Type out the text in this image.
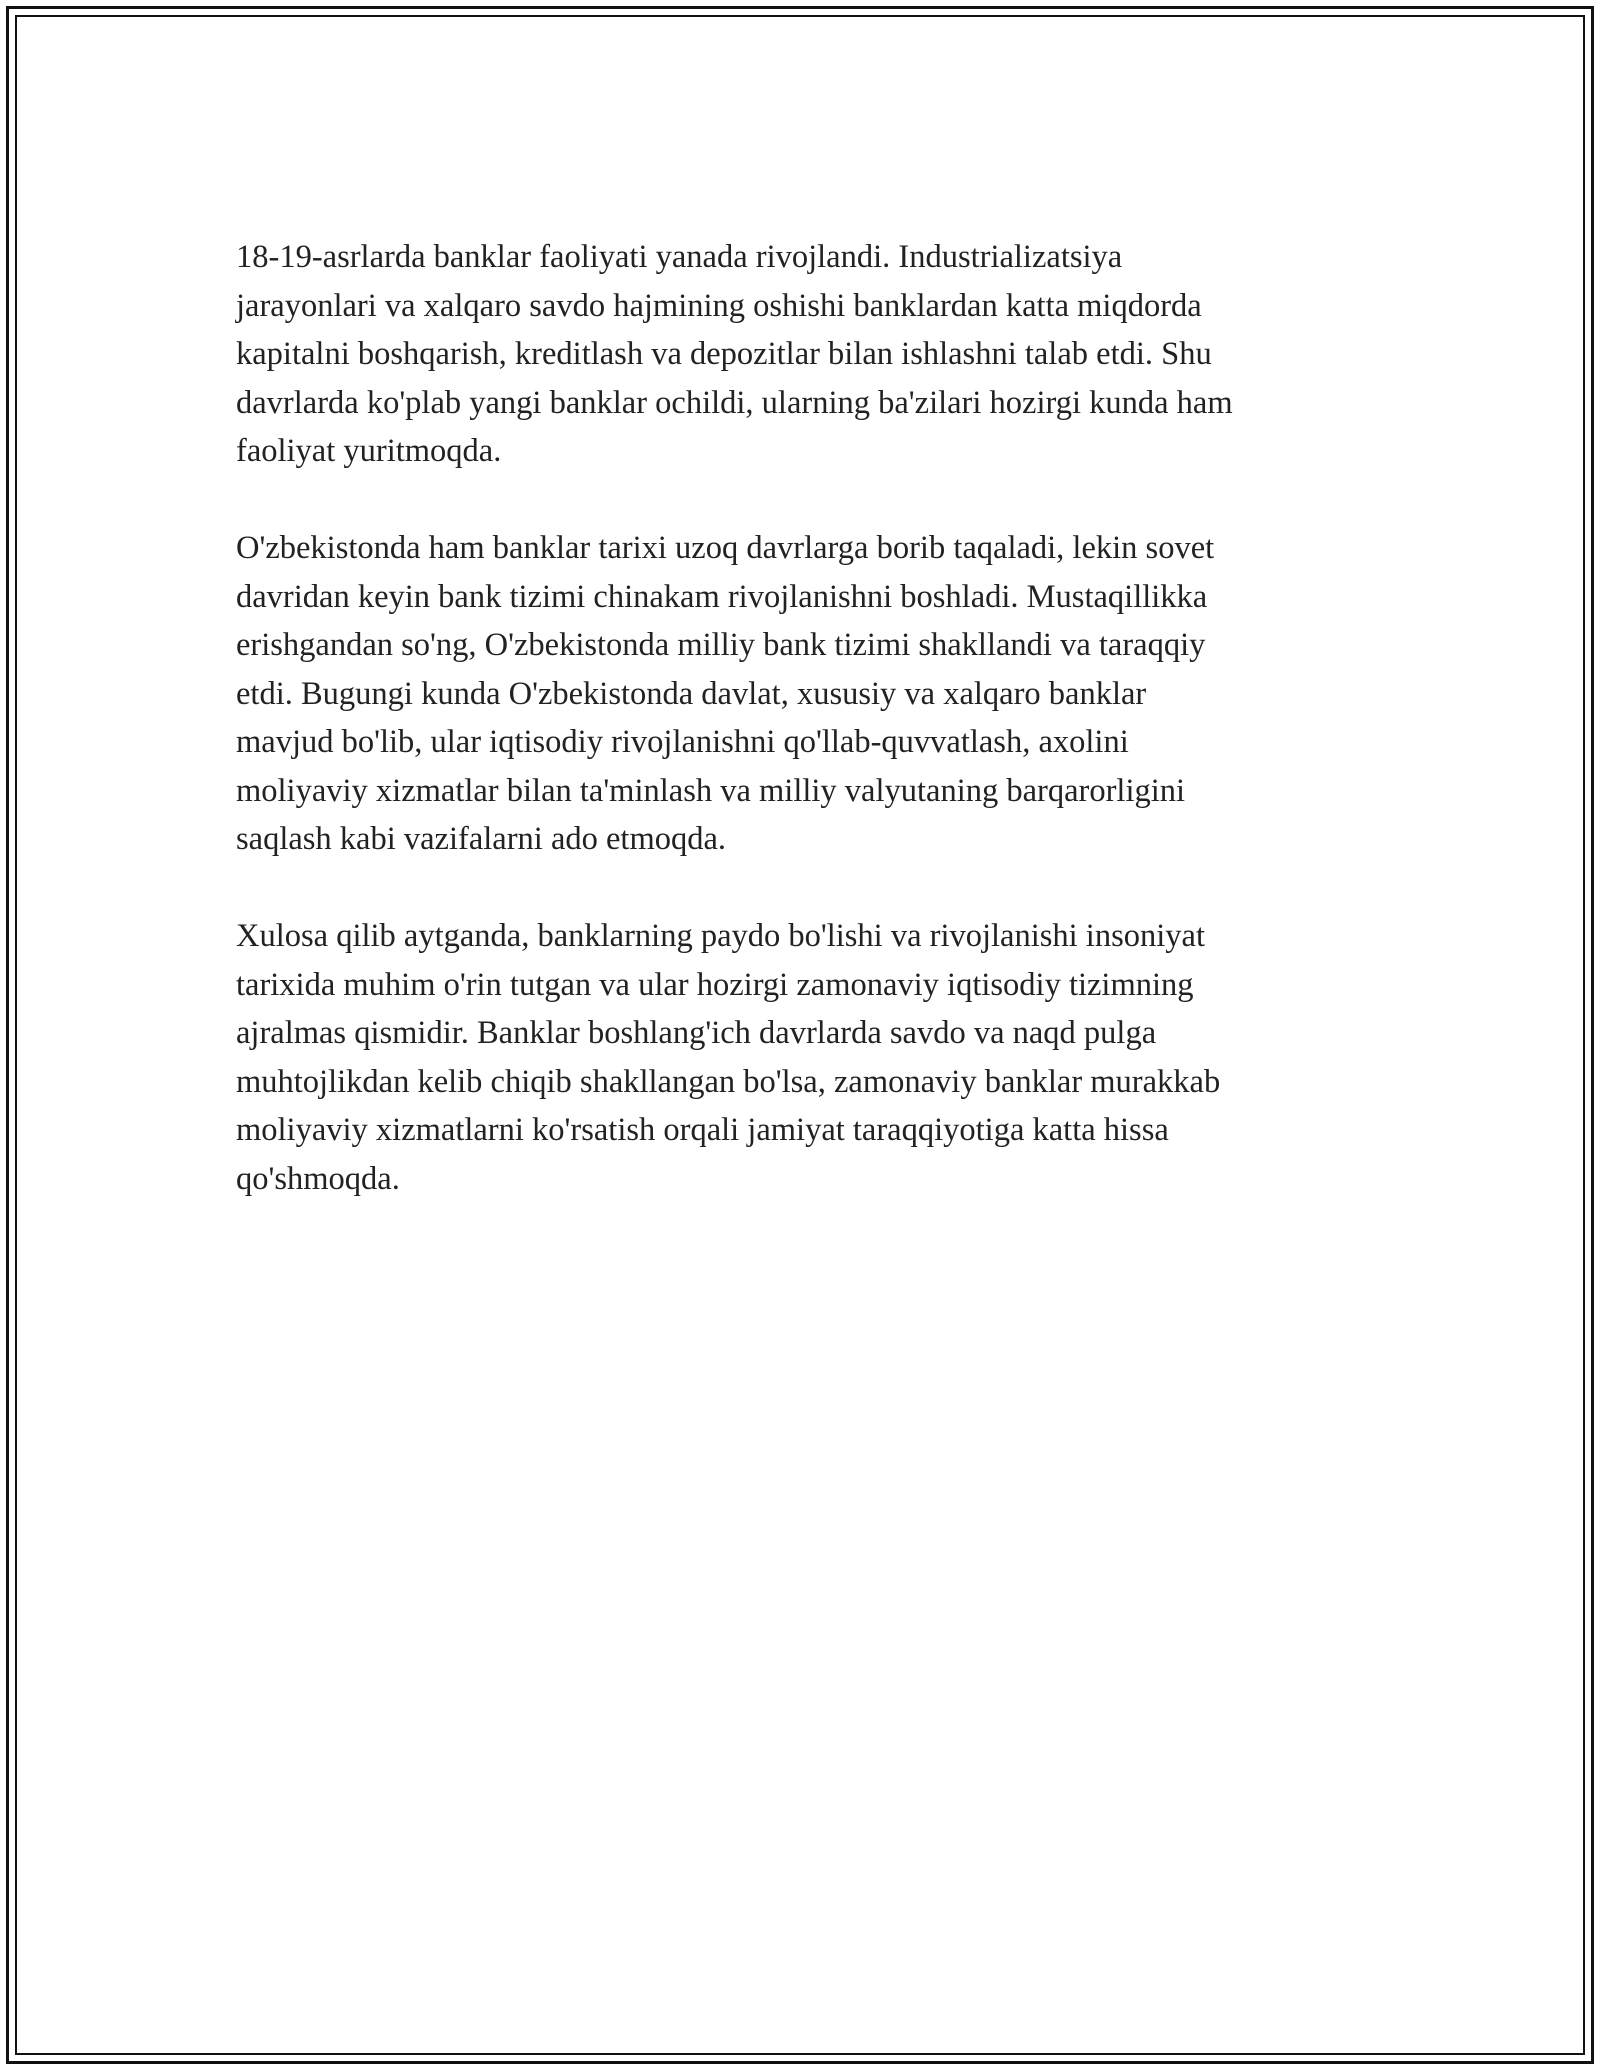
18-19-asrlarda banklar faoliyati yanada rivojlandi. Industrializatsiya
jarayonlari va xalqaro savdo hajmining oshishi banklardan katta miqdorda
kapitalni boshqarish, kreditlash va depozitlar bilan ishlashni talab etdi. Shu
davrlarda ko'plab yangi banklar ochildi, ularning ba'zilari hozirgi kunda ham
faoliyat yuritmoqda.

O'zbekistonda ham banklar tarixi uzoq davrlarga borib taqaladi, lekin sovet
davridan keyin bank tizimi chinakam rivojlanishni boshladi. Mustaqillikka
erishgandan so'ng, O'zbekistonda milliy bank tizimi shakllandi va taraqqiy
etdi. Bugungi kunda O'zbekistonda davlat, xususiy va xalqaro banklar
mavjud bo'lib, ular iqtisodiy rivojlanishni qo'llab-quvvatlash, axolini
moliyaviy xizmatlar bilan ta'minlash va milliy valyutaning barqarorligini
saqlash kabi vazifalarni ado etmoqda.

Xulosa qilib aytganda, banklarning paydo bo'lishi va rivojlanishi insoniyat
tarixida muhim o'rin tutgan va ular hozirgi zamonaviy iqtisodiy tizimning
ajralmas qismidir. Banklar boshlang'ich davrlarda savdo va naqd pulga
muhtojlikdan kelib chiqib shakllangan bo'lsa, zamonaviy banklar murakkab
moliyaviy xizmatlarni ko'rsatish orqali jamiyat taraqqiyotiga katta hissa
qo'shmoqda.
